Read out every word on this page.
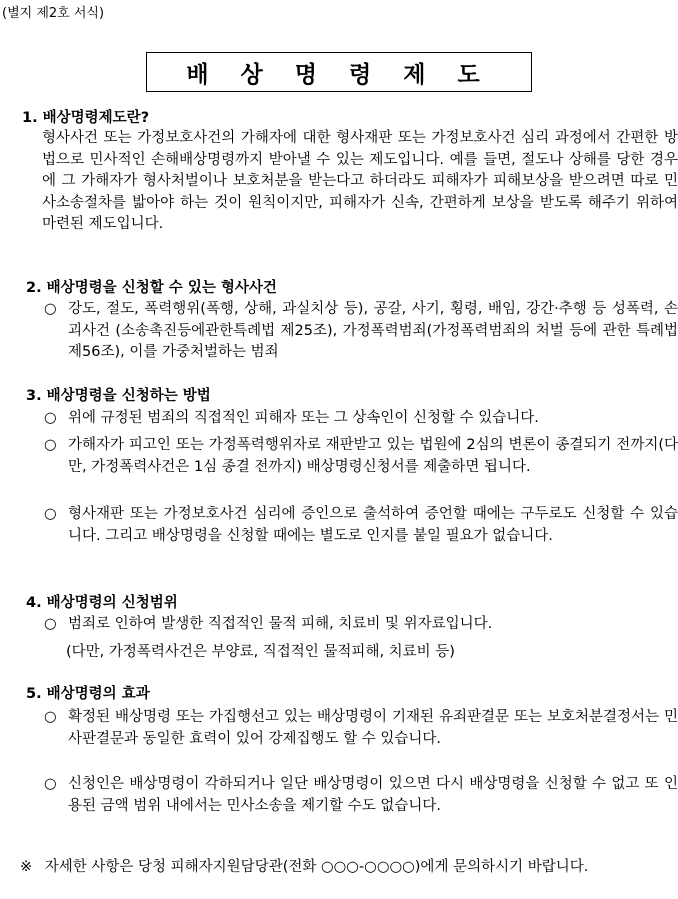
(별지 제2호 서식)
배 상 명 령 제 도
1. 배상명령제도란?
형사사건 또는 가정보호사건의 가해자에 대한 형사재판 또는 가정보호사건 심리 과정에서 간편한 방법으로 민사적인 손해배상명령까지 받아낼 수 있는 제도입니다. 예를 들면, 절도나 상해를 당한 경우에 그 가해자가 형사처벌이나 보호처분을 받는다고 하더라도 피해자가 피해보상을 받으려면 따로 민사소송절차를 밟아야 하는 것이 원칙이지만, 피해자가 신속, 간편하게 보상을 받도록 해주기 위하여 마련된 제도입니다.
2. 배상명령을 신청할 수 있는 형사사건
○ 강도, 절도, 폭력행위(폭행, 상해, 과실치상 등), 공갈, 사기, 횡령, 배임, 강간·추행 등 성폭력, 손괴사건 (소송촉진등에관한특례법 제25조), 가정폭력범죄(가정폭력범죄의 처벌 등에 관한 특례법 제56조), 이를 가중처벌하는 범죄
3. 배상명령을 신청하는 방법
○ 위에 규정된 범죄의 직접적인 피해자 또는 그 상속인이 신청할 수 있습니다.
○ 가해자가 피고인 또는 가정폭력행위자로 재판받고 있는 법원에 2심의 변론이 종결되기 전까지(다만, 가정폭력사건은 1심 종결 전까지) 배상명령신청서를 제출하면 됩니다.
○ 형사재판 또는 가정보호사건 심리에 증인으로 출석하여 증언할 때에는 구두로도 신청할 수 있습니다. 그리고 배상명령을 신청할 때에는 별도로 인지를 붙일 필요가 없습니다.
4. 배상명령의 신청범위
○ 범죄로 인하여 발생한 직접적인 물적 피해, 치료비 및 위자료입니다.
(다만, 가정폭력사건은 부양료, 직접적인 물적피해, 치료비 등)
5. 배상명령의 효과
○ 확정된 배상명령 또는 가집행선고 있는 배상명령이 기재된 유죄판결문 또는 보호처분결정서는 민사판결문과 동일한 효력이 있어 강제집행도 할 수 있습니다.
○ 신청인은 배상명령이 각하되거나 일단 배상명령이 있으면 다시 배상명령을 신청할 수 없고 또 인용된 금액 범위 내에서는 민사소송을 제기할 수도 없습니다.
※ 자세한 사항은 당청 피해자지원담당관(전화 ○○○-○○○○)에게 문의하시기 바랍니다.
